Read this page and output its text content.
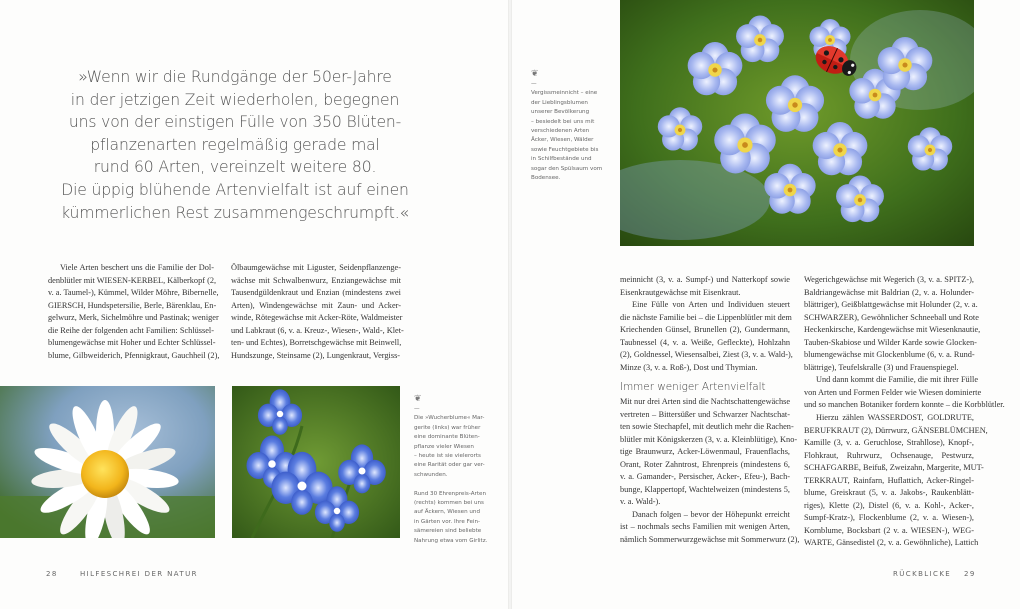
»Wenn wir die Rundgänge der 50er-Jahre
in der jetzigen Zeit wiederholen, begegnen
uns von der einstigen Fülle von 350 Blüten-
pflanzenarten regelmäßig gerade mal
rund 60 Arten, vereinzelt weitere 80.
Die üppig blühende Artenvielfalt ist auf einen
kümmerlichen Rest zusammengeschrumpft.«
❦
—
Vergissmeinnicht – eine
der Lieblingsblumen
unserer Bevölkerung
– besiedelt bei uns mit
verschiedenen Arten
Äcker, Wiesen, Wälder
sowie Feuchtgebiete bis
in Schilfbestände und
sogar den Spülsaum vom
Bodensee.
Viele Arten beschert uns die Familie der Dol-
denblütler mit WIESEN-KERBEL, Kälberkopf (2,
v. a. Taumel-), Kümmel, Wilder Möhre, Bibernelle,
GIERSCH, Hundspetersilie, Berle, Bärenklau, En-
gelwurz, Merk, Sichelmöhre und Pastinak; weniger
die Reihe der folgenden acht Familien: Schlüssel-
blumengewächse mit Hoher und Echter Schlüssel-
blume, Gilbweiderich, Pfennigkraut, Gauchheil (2),
Ölbaumgewächse mit Liguster, Seidenpflanzenge-
wächse mit Schwalbenwurz, Enziangewächse mit
Tausendgüldenkraut und Enzian (mindestens zwei
Arten), Windengewächse mit Zaun- und Acker-
winde, Rötegewächse mit Acker-Röte, Waldmeister
und Labkraut (6, v. a. Kreuz-, Wiesen-, Wald-, Klet-
ten- und Echtes), Borretschgewächse mit Beinwell,
Hundszunge, Steinsame (2), Lungenkraut, Vergiss-
meinnicht (3, v. a. Sumpf-) und Natterkopf sowie
Eisenkrautgewächse mit Eisenkraut.
Eine Fülle von Arten und Individuen steuert
die nächste Familie bei – die Lippenblütler mit dem
Kriechenden Günsel, Brunellen (2), Gundermann,
Taubnessel (4, v. a. Weiße, Gefleckte), Hohlzahn
(2), Goldnessel, Wiesensalbei, Ziest (3, v. a. Wald-),
Minze (3, v. a. Roß-), Dost und Thymian.
Immer weniger Artenvielfalt
Mit nur drei Arten sind die Nachtschattengewächse
vertreten – Bittersüßer und Schwarzer Nachtschat-
ten sowie Stechapfel, mit deutlich mehr die Rachen-
blütler mit Königskerzen (3, v. a. Kleinblütige), Kno-
tige Braunwurz, Acker-Löwenmaul, Frauenflachs,
Orant, Roter Zahntrost, Ehrenpreis (mindestens 6,
v. a. Gamander-, Persischer, Acker-, Efeu-), Bach-
bunge, Klappertopf, Wachtelweizen (mindestens 5,
v. a. Wald-).
Danach folgen – bevor der Höhepunkt erreicht
ist – nochmals sechs Familien mit wenigen Arten,
nämlich Sommerwurzgewächse mit Sommerwurz (2),
Wegerichgewächse mit Wegerich (3, v. a. SPITZ-),
Baldriangewächse mit Baldrian (2, v. a. Holunder-
blättriger), Geißblattgewächse mit Holunder (2, v. a.
SCHWARZER), Gewöhnlicher Schneeball und Rote
Heckenkirsche, Kardengewächse mit Wiesenknautie,
Tauben-Skabiose und Wilder Karde sowie Glocken-
blumengewächse mit Glockenblume (6, v. a. Rund-
blättrige), Teufelskralle (3) und Frauenspiegel.
Und dann kommt die Familie, die mit ihrer Fülle
von Arten und Formen Felder wie Wiesen dominierte
und so manchen Botaniker fordern konnte – die Korbblütler.
Hierzu zählen WASSERDOST, GOLDRUTE,
BERUFKRAUT (2), Dürrwurz, GÄNSEBLÜMCHEN,
Kamille (3, v. a. Geruchlose, Strahllose), Knopf-,
Flohkraut, Ruhrwurz, Ochsenauge, Pestwurz,
SCHAFGARBE, Beifuß, Zweizahn, Margerite, MUT-
TERKRAUT, Rainfarn, Huflattich, Acker-Ringel-
blume, Greiskraut (5, v. a. Jakobs-, Raukenblätt-
riges), Klette (2), Distel (6, v. a. Kohl-, Acker-,
Sumpf-Kratz-), Flockenblume (2, v. a. Wiesen-),
Kornblume, Bocksbart (2 v. a. WIESEN-), WEG-
WARTE, Gänsedistel (2, v. a. Gewöhnliche), Lattich
❦
—
Die »Wucherblume« Mar-
gerite (links) war früher
eine dominante Blüten-
pflanze vieler Wiesen
– heute ist sie vielerorts
eine Rarität oder gar ver-
schwunden.

Rund 30 Ehrenpreis-Arten
(rechts) kommen bei uns
auf Äckern, Wiesen und
in Gärten vor. Ihre Fein-
sämereien sind beliebte
Nahrung etwa vom Girlitz.
28	HILFESCHREI DER NATUR	RÜCKBLICKE 29
